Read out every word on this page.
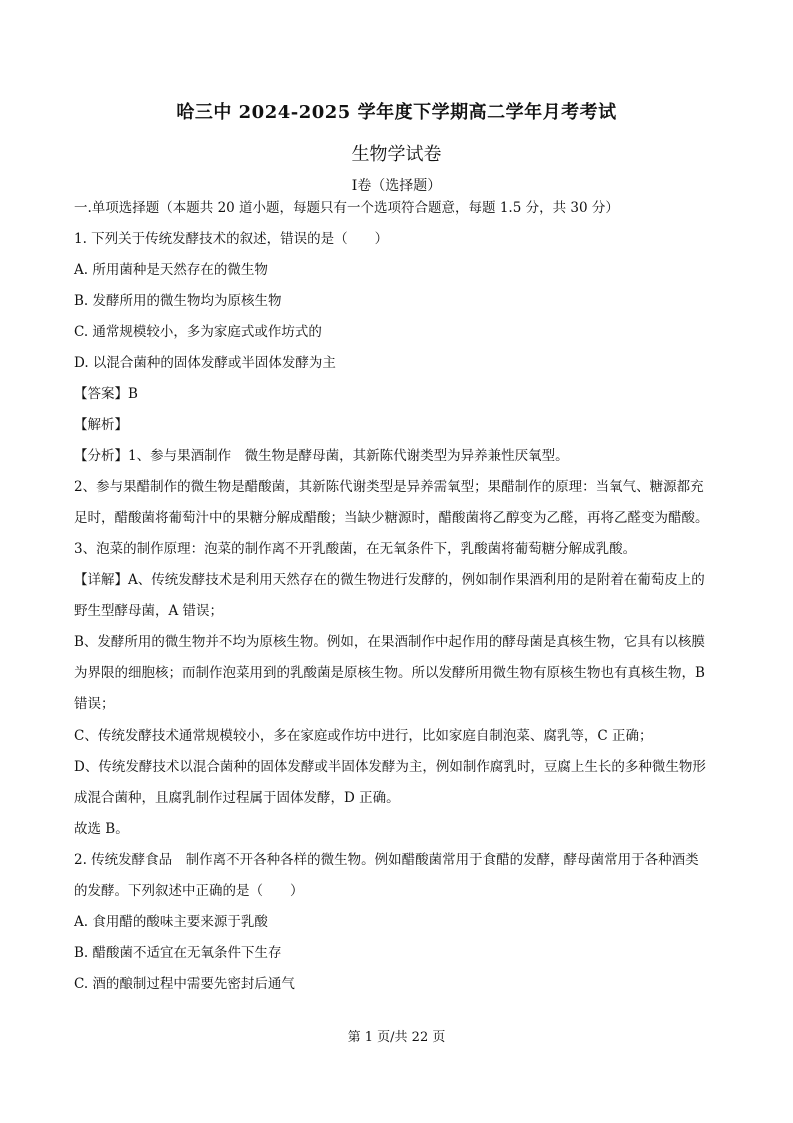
哈三中 2024-2025 学年度下学期高二学年月考考试
生物学试卷
I卷（选择题）
一.单项选择题（本题共 20 道小题，每题只有一个选项符合题意，每题 1.5 分，共 30 分）
1. 下列关于传统发酵技术的叙述，错误的是（　　）
A. 所用菌种是天然存在的微生物
B. 发酵所用的微生物均为原核生物
C. 通常规模较小，多为家庭式或作坊式的
D. 以混合菌种的固体发酵或半固体发酵为主
【答案】B
【解析】
【分析】1、参与果酒制作　微生物是酵母菌，其新陈代谢类型为异养兼性厌氧型。
2、参与果醋制作的微生物是醋酸菌，其新陈代谢类型是异养需氧型；果醋制作的原理：当氧气、糖源都充
足时，醋酸菌将葡萄汁中的果糖分解成醋酸；当缺少糖源时，醋酸菌将乙醇变为乙醛，再将乙醛变为醋酸。
3、泡菜的制作原理：泡菜的制作离不开乳酸菌，在无氧条件下，乳酸菌将葡萄糖分解成乳酸。
【详解】A、传统发酵技术是利用天然存在的微生物进行发酵的，例如制作果酒利用的是附着在葡萄皮上的
野生型酵母菌，A 错误；
B、发酵所用的微生物并不均为原核生物。例如，在果酒制作中起作用的酵母菌是真核生物，它具有以核膜
为界限的细胞核；而制作泡菜用到的乳酸菌是原核生物。所以发酵所用微生物有原核生物也有真核生物，B
错误；
C、传统发酵技术通常规模较小，多在家庭或作坊中进行，比如家庭自制泡菜、腐乳等，C 正确；
D、传统发酵技术以混合菌种的固体发酵或半固体发酵为主，例如制作腐乳时，豆腐上生长的多种微生物形
成混合菌种，且腐乳制作过程属于固体发酵，D 正确。
故选 B。
2. 传统发酵食品　制作离不开各种各样的微生物。例如醋酸菌常用于食醋的发酵，酵母菌常用于各种酒类
的发酵。下列叙述中正确的是（　　）
A. 食用醋的酸味主要来源于乳酸
B. 醋酸菌不适宜在无氧条件下生存
C. 酒的酿制过程中需要先密封后通气
第 1 页/共 22 页
